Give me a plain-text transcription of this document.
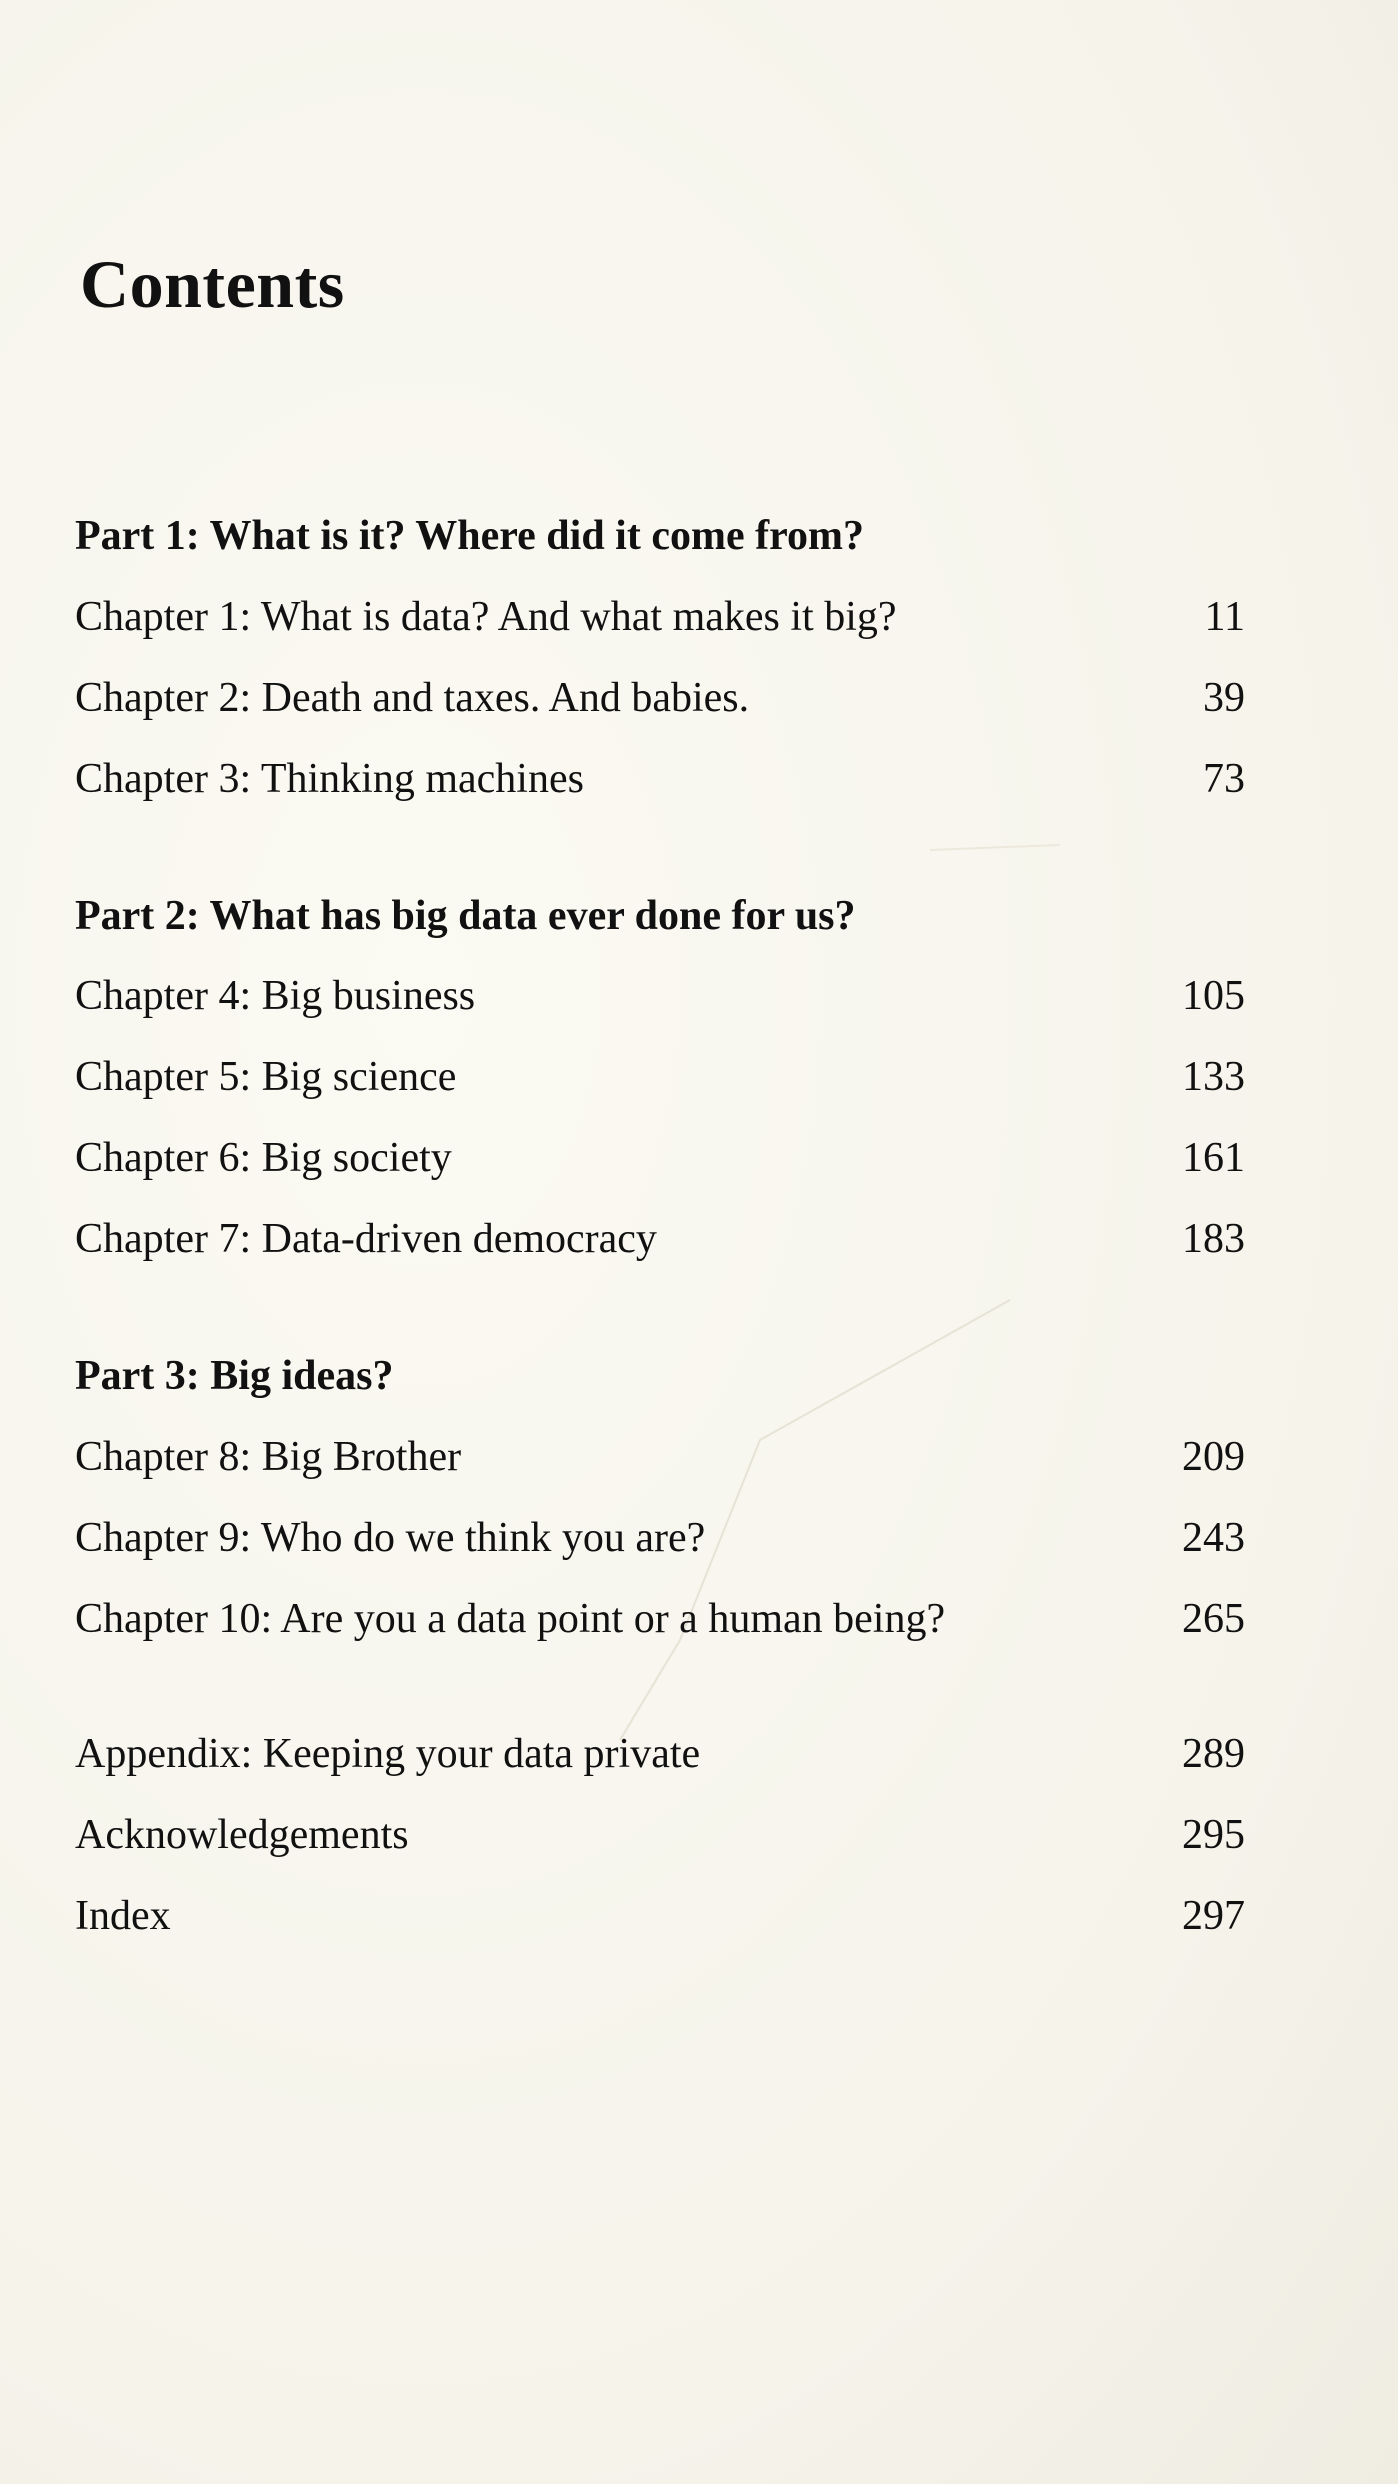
Contents
Part 1: What is it? Where did it come from?
Chapter 1: What is data? And what makes it big?	11
Chapter 2: Death and taxes. And babies.	39
Chapter 3: Thinking machines	73
Part 2: What has big data ever done for us?
Chapter 4: Big business	105
Chapter 5: Big science	133
Chapter 6: Big society	161
Chapter 7: Data-driven democracy	183
Part 3: Big ideas?
Chapter 8: Big Brother	209
Chapter 9: Who do we think you are?	243
Chapter 10: Are you a data point or a human being?	265
Appendix: Keeping your data private	289
Acknowledgements	295
Index	297
